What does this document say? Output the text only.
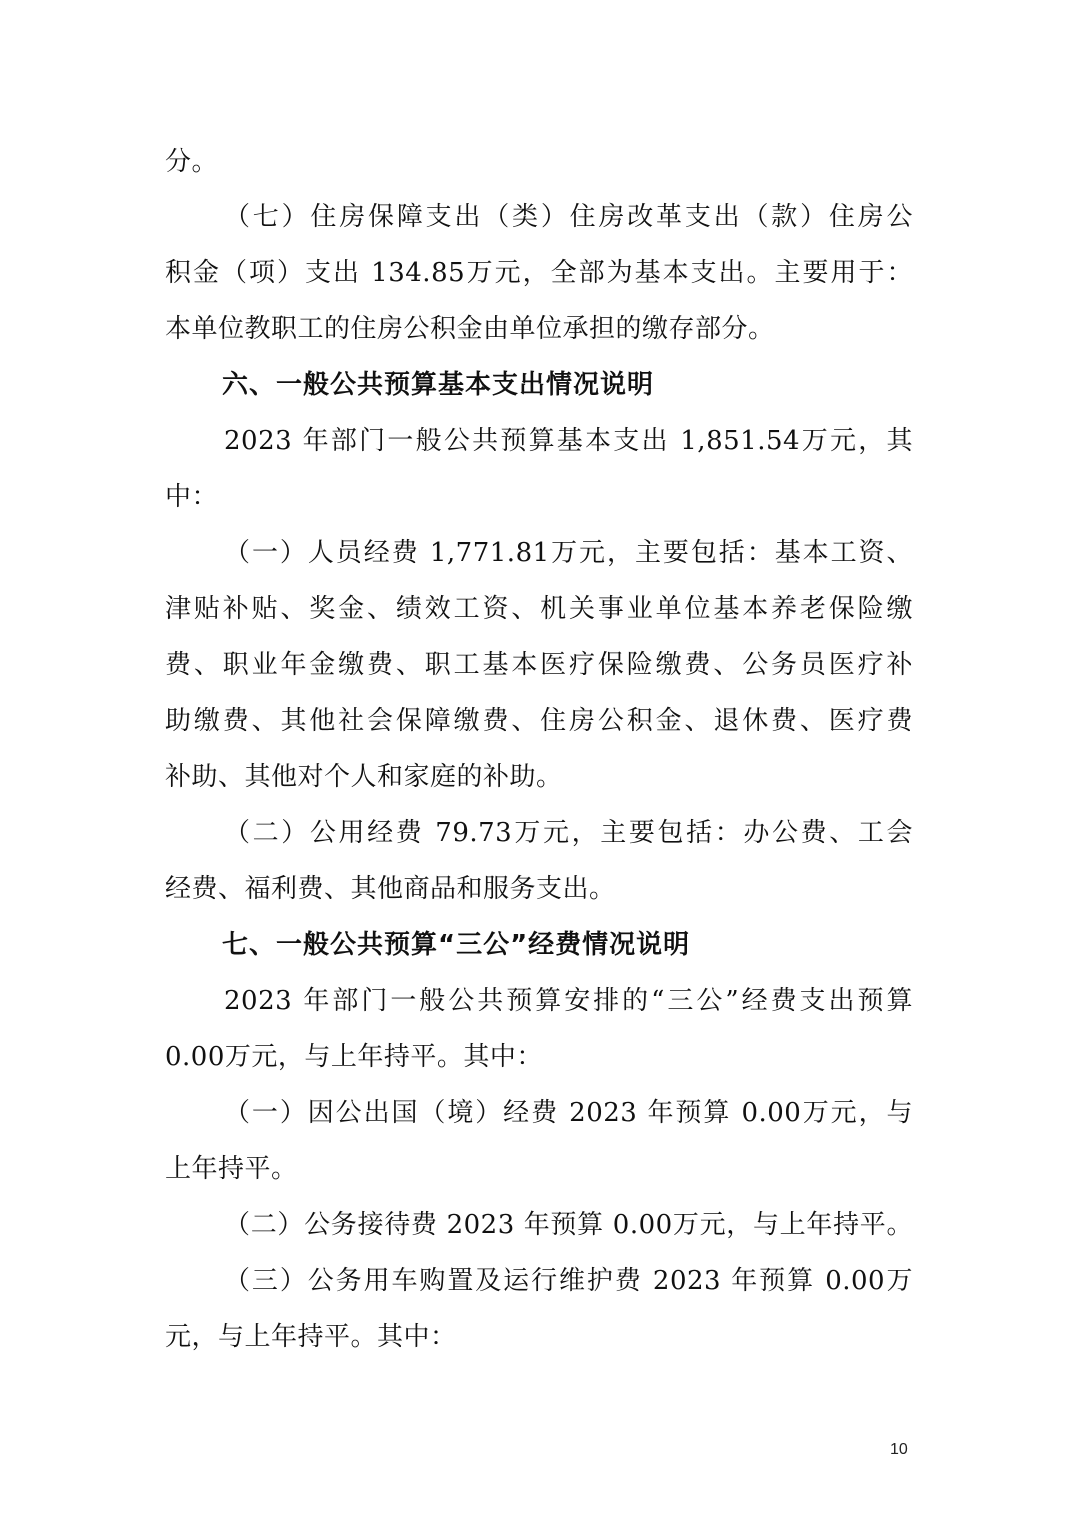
分。
（七）住房保障支出（类）住房改革支出（款）住房公
积金（项）支出 134.85万元，全部为基本支出。主要用于：
本单位教职工的住房公积金由单位承担的缴存部分。
六、一般公共预算基本支出情况说明
2023 年部门一般公共预算基本支出 1,851.54万元，其
中：
（一）人员经费 1,771.81万元，主要包括：基本工资、
津贴补贴、奖金、绩效工资、机关事业单位基本养老保险缴
费、职业年金缴费、职工基本医疗保险缴费、公务员医疗补
助缴费、其他社会保障缴费、住房公积金、退休费、医疗费
补助、其他对个人和家庭的补助。
（二）公用经费 79.73万元，主要包括：办公费、工会
经费、福利费、其他商品和服务支出。
七、一般公共预算“三公”经费情况说明
2023 年部门一般公共预算安排的“三公”经费支出预算
0.00万元，与上年持平。其中：
（一）因公出国（境）经费 2023 年预算 0.00万元，与
上年持平。
（二）公务接待费 2023 年预算 0.00万元，与上年持平。
（三）公务用车购置及运行维护费 2023 年预算 0.00万
元，与上年持平。其中：
10
